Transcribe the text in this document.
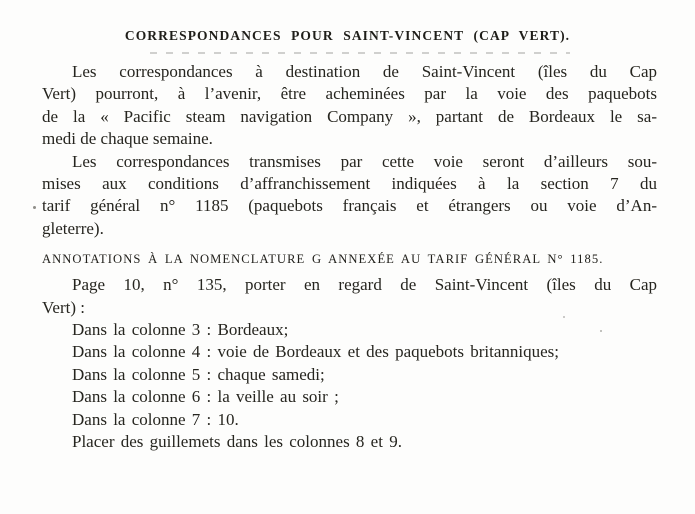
CORRESPONDANCES POUR SAINT-VINCENT (CAP VERT).
Les correspondances à destination de Saint-Vincent (îles du Cap
Vert) pourront, à l’avenir, être acheminées par la voie des paquebots
de la « Pacific steam navigation Company », partant de Bordeaux le sa-
medi de chaque semaine.
Les correspondances transmises par cette voie seront d’ailleurs sou-
mises aux conditions d’affranchissement indiquées à la section 7 du
tarif général n° 1185 (paquebots français et étrangers ou voie d’An-
gleterre).
ANNOTATIONS À LA NOMENCLATURE G ANNEXÉE AU TARIF GÉNÉRAL N° 1185.
Page 10, n° 135, porter en regard de Saint-Vincent (îles du Cap
Vert) :
Dans la colonne 3 : Bordeaux;
Dans la colonne 4 : voie de Bordeaux et des paquebots britanniques;
Dans la colonne 5 : chaque samedi;
Dans la colonne 6 : la veille au soir ;
Dans la colonne 7 : 10.
Placer des guillemets dans les colonnes 8 et 9.
